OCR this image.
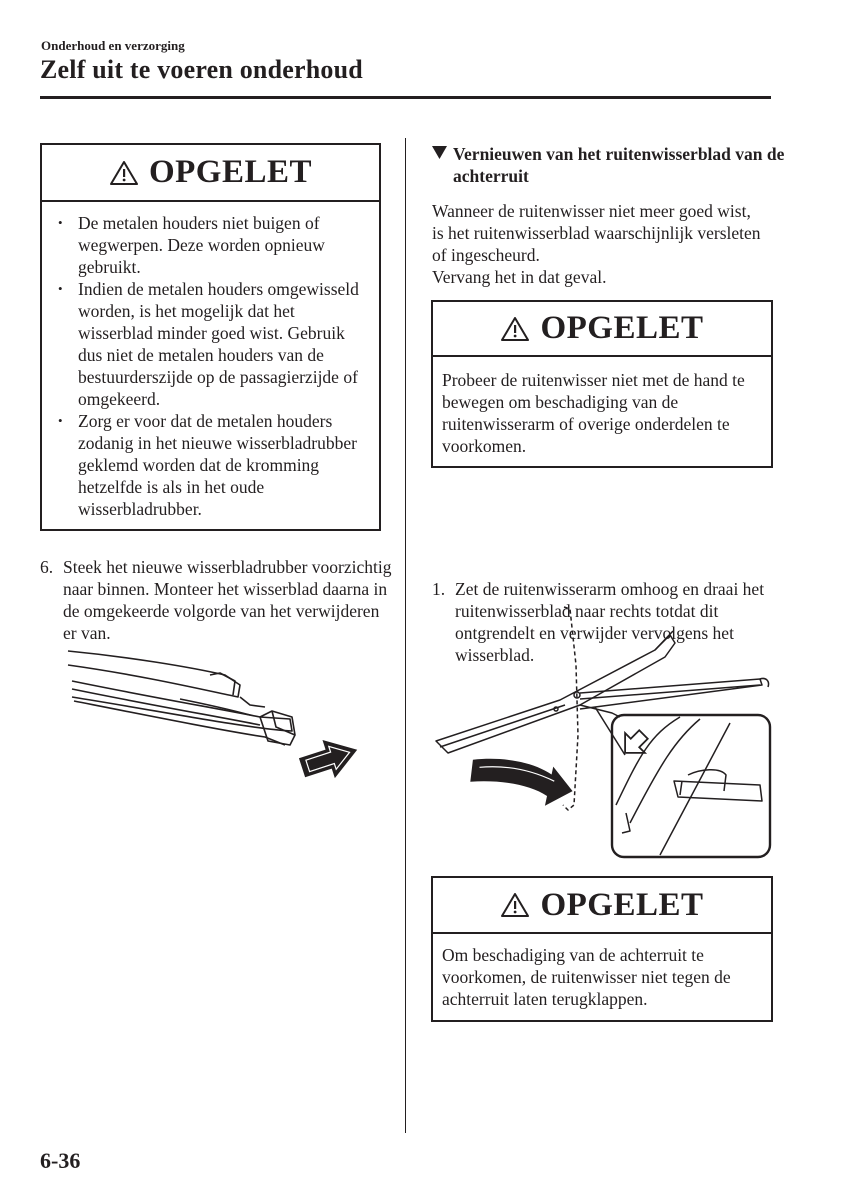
Onderhoud en verzorging
Zelf uit te voeren onderhoud
OPGELET
• De metalen houders niet buigen of wegwerpen. Deze worden opnieuw gebruikt.
• Indien de metalen houders omgewisseld worden, is het mogelijk dat het wisserblad minder goed wist. Gebruik dus niet de metalen houders van de bestuurderszijde op de passagierzijde of omgekeerd.
• Zorg er voor dat de metalen houders zodanig in het nieuwe wisserbladrubber geklemd worden dat de kromming hetzelfde is als in het oude wisserbladrubber.
6. Steek het nieuwe wisserbladrubber voorzichtig naar binnen. Monteer het wisserblad daarna in de omgekeerde volgorde van het verwijderen er van.
Vernieuwen van het ruitenwisserblad van de achterruit
Wanneer de ruitenwisser niet meer goed wist, is het ruitenwisserblad waarschijnlijk versleten of ingescheurd.
Vervang het in dat geval.
OPGELET
Probeer de ruitenwisser niet met de hand te bewegen om beschadiging van de ruitenwisserarm of overige onderdelen te voorkomen.
1. Zet de ruitenwisserarm omhoog en draai het ruitenwisserblad naar rechts totdat dit ontgrendelt en verwijder vervolgens het wisserblad.
OPGELET
Om beschadiging van de achterruit te voorkomen, de ruitenwisser niet tegen de achterruit laten terugklappen.
6-36
